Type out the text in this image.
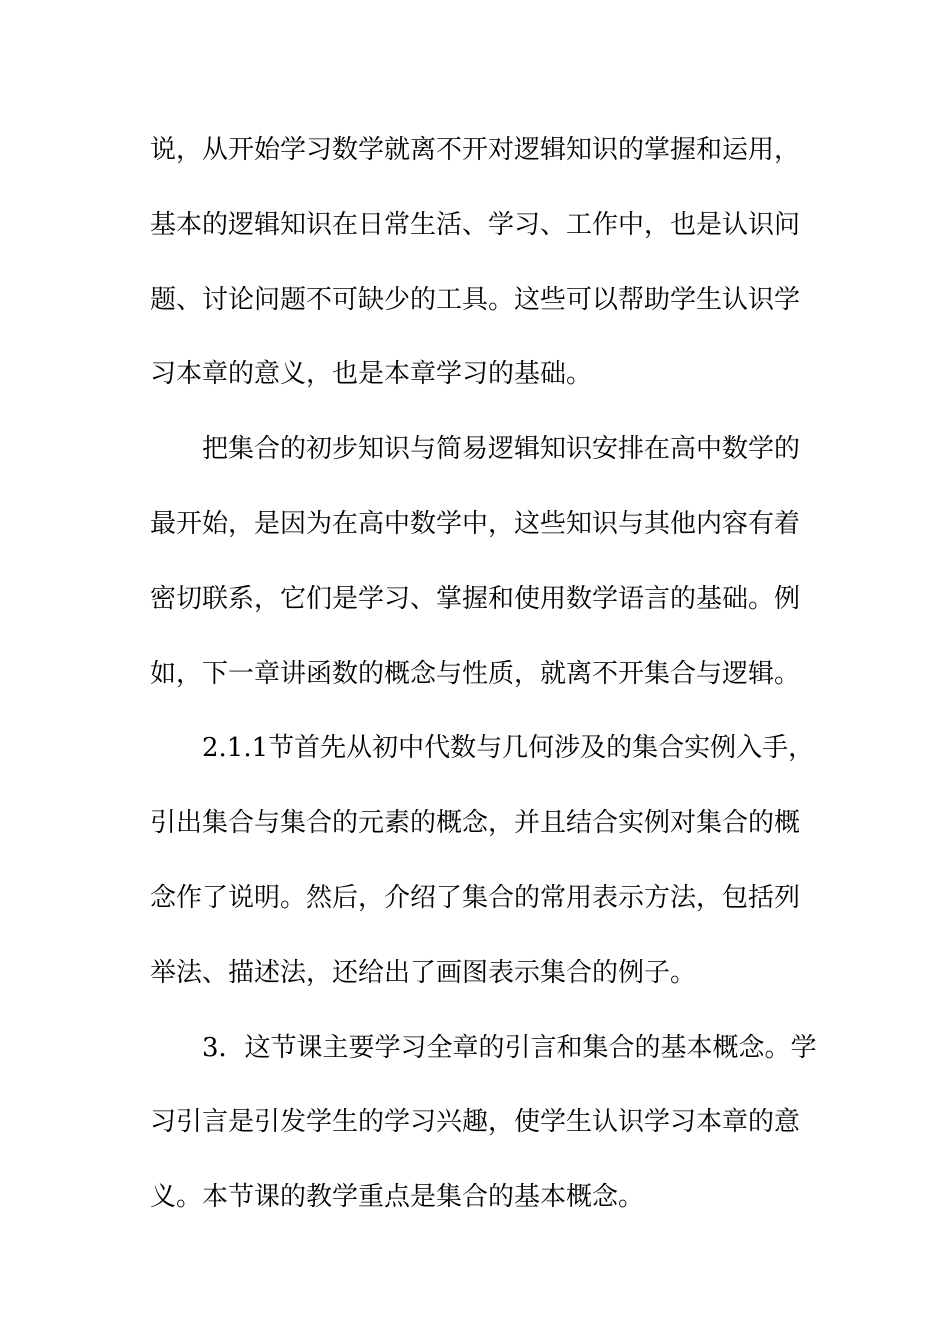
说，从开始学习数学就离不开对逻辑知识的掌握和运用，
基本的逻辑知识在日常生活、学习、工作中，也是认识问
题、讨论问题不可缺少的工具。这些可以帮助学生认识学
习本章的意义，也是本章学习的基础。
把集合的初步知识与简易逻辑知识安排在高中数学的
最开始，是因为在高中数学中，这些知识与其他内容有着
密切联系，它们是学习、掌握和使用数学语言的基础。例
如，下一章讲函数的概念与性质，就离不开集合与逻辑。
2.1.1节首先从初中代数与几何涉及的集合实例入手，
引出集合与集合的元素的概念，并且结合实例对集合的概
念作了说明。然后，介绍了集合的常用表示方法，包括列
举法、描述法，还给出了画图表示集合的例子。
3．这节课主要学习全章的引言和集合的基本概念。学
习引言是引发学生的学习兴趣，使学生认识学习本章的意
义。本节课的教学重点是集合的基本概念。
